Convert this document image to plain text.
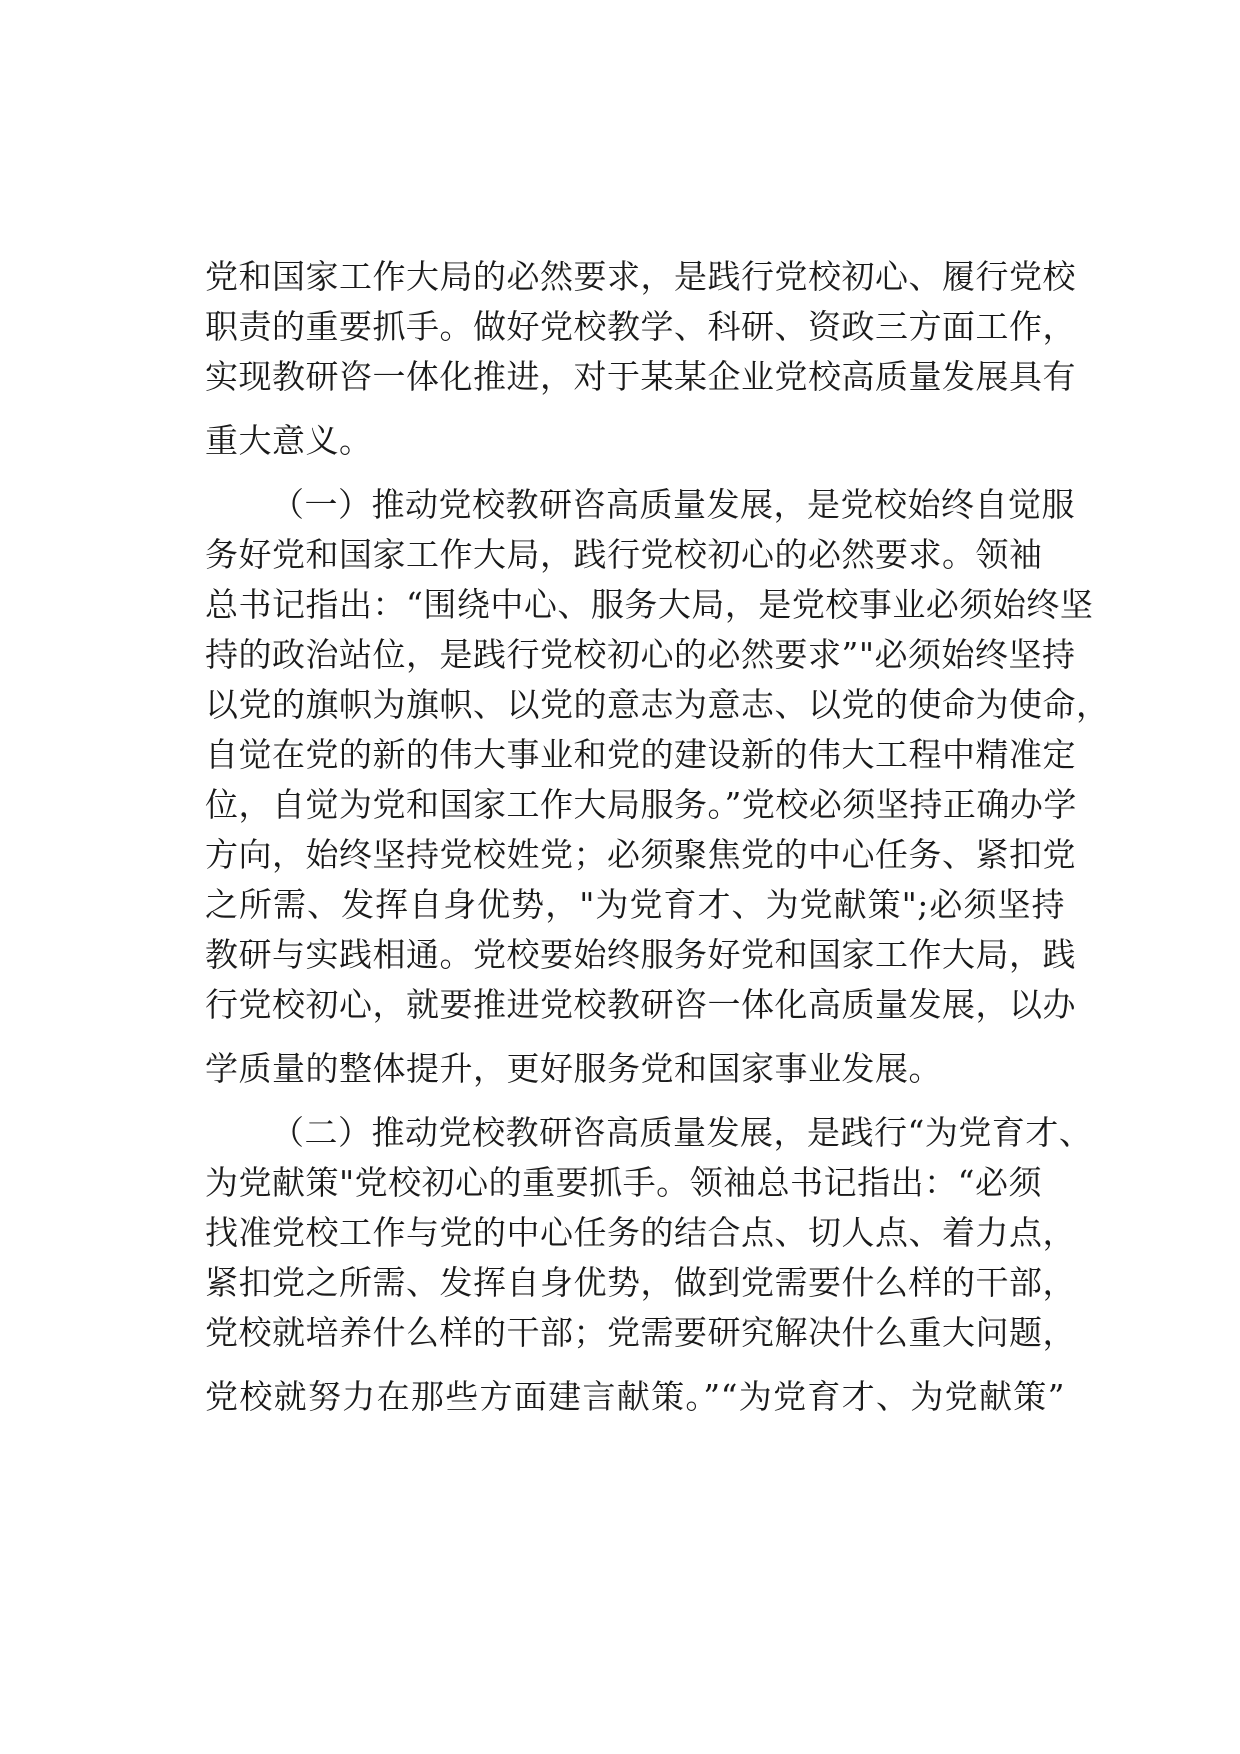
党和国家工作大局的必然要求，是践行党校初心、履行党校
职责的重要抓手。做好党校教学、科研、资政三方面工作，
实现教研咨一体化推进，对于某某企业党校高质量发展具有
重大意义。
（一）推动党校教研咨高质量发展，是党校始终自觉服
务好党和国家工作大局，践行党校初心的必然要求。领袖
总书记指出：“围绕中心、服务大局，是党校事业必须始终坚
持的政治站位，是践行党校初心的必然要求”"必须始终坚持
以党的旗帜为旗帜、以党的意志为意志、以党的使命为使命，
自觉在党的新的伟大事业和党的建设新的伟大工程中精准定
位，自觉为党和国家工作大局服务。”党校必须坚持正确办学
方向，始终坚持党校姓党；必须聚焦党的中心任务、紧扣党
之所需、发挥自身优势，"为党育才、为党献策";必须坚持
教研与实践相通。党校要始终服务好党和国家工作大局，践
行党校初心，就要推进党校教研咨一体化高质量发展，以办
学质量的整体提升，更好服务党和国家事业发展。
（二）推动党校教研咨高质量发展，是践行“为党育才、
为党献策"党校初心的重要抓手。领袖总书记指出：“必须
找准党校工作与党的中心任务的结合点、切人点、着力点，
紧扣党之所需、发挥自身优势，做到党需要什么样的干部，
党校就培养什么样的干部；党需要研究解决什么重大问题，
党校就努力在那些方面建言献策。”“为党育才、为党献策”
